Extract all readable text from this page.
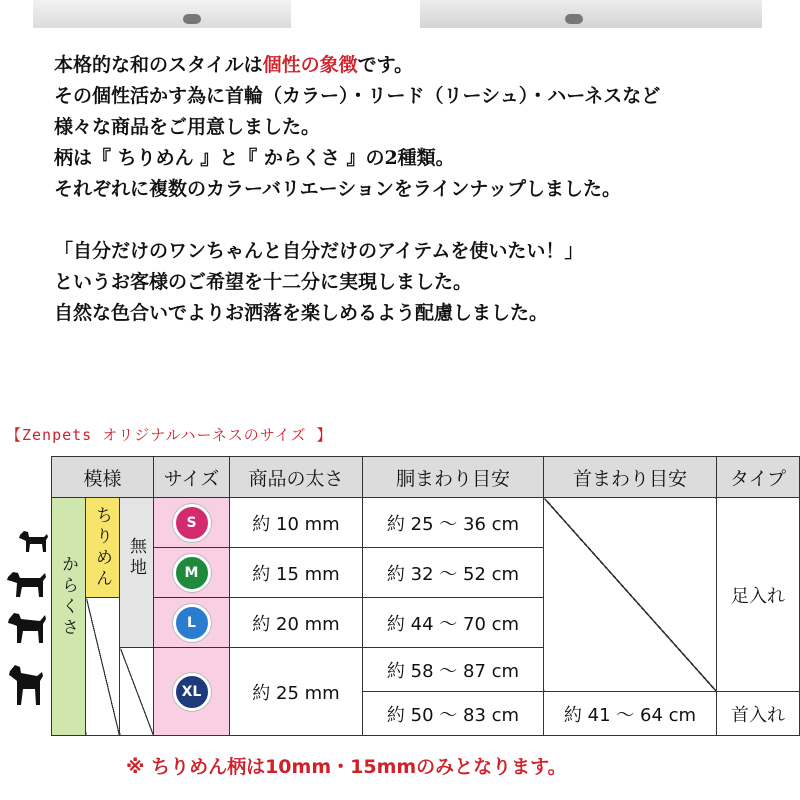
本格的な和のスタイルは個性の象徴です。

その個性活かす為に首輪（カラー）・リード（リーシュ）・ハーネスなど

様々な商品をご用意しました。

柄は『 ちりめん 』と『 からくさ 』の2種類。

それぞれに複数のカラーバリエーションをラインナップしました。

「自分だけのワンちゃんと自分だけのアイテムを使いたい！」

というお客様のご希望を十二分に実現しました。

自然な色合いでよりお洒落を楽しめるよう配慮しました。

【Zenpets オリジナルハーネスのサイズ 】
模様			サイズ	商品の太さ	胴まわり目安	首まわり目安	タイプ

からくさ	ちりめん	無地	S	約 10 mm	約 25 ～ 36 cm		足入れ
			M	約 15 mm	約 32 ～ 52 cm		
			L	約 20 mm	約 44 ～ 70 cm		
			XL	約 25 mm	約 58 ～ 87 cm		
					約 50 ～ 83 cm	約 41 ～ 64 cm	首入れ
※ ちりめん柄は10mm・15mmのみとなります。
